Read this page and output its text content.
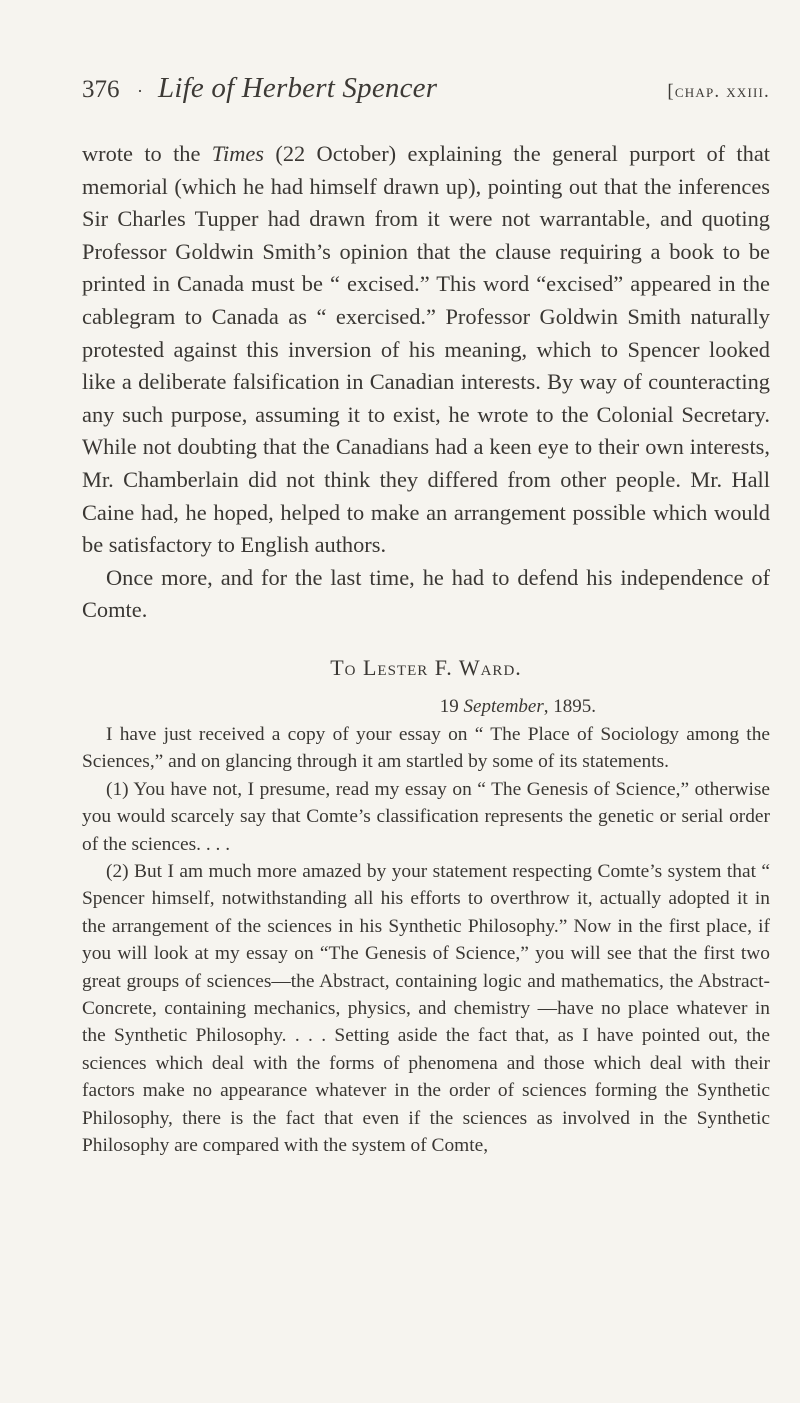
376 · Life of Herbert Spencer	[chap. xxiii.

wrote to the Times (22 October) explaining the general purport of that memorial (which he had himself drawn up), pointing out that the inferences Sir Charles Tupper had drawn from it were not warrantable, and quoting Professor Goldwin Smith’s opinion that the clause requiring a book to be printed in Canada must be “ excised.” This word “excised” appeared in the cablegram to Canada as “ exercised.” Professor Goldwin Smith naturally protested against this inversion of his meaning, which to Spencer looked like a deliberate falsification in Canadian interests. By way of counteracting any such purpose, assuming it to exist, he wrote to the Colonial Secretary. While not doubting that the Canadians had a keen eye to their own interests, Mr. Chamberlain did not think they differed from other people. Mr. Hall Caine had, he hoped, helped to make an arrangement possible which would be satisfactory to English authors.

Once more, and for the last time, he had to defend his independence of Comte.

To Lester F. Ward.
19 September, 1895.

I have just received a copy of your essay on “ The Place of Sociology among the Sciences,” and on glancing through it am startled by some of its statements.

(1) You have not, I presume, read my essay on “ The Genesis of Science,” otherwise you would scarcely say that Comte’s classification represents the genetic or serial order of the sciences. . . .

(2) But I am much more amazed by your statement respecting Comte’s system that “ Spencer himself, notwithstanding all his efforts to overthrow it, actually adopted it in the arrangement of the sciences in his Synthetic Philosophy.” Now in the first place, if you will look at my essay on “The Genesis of Science,” you will see that the first two great groups of sciences—the Abstract, containing logic and mathematics, the Abstract-Concrete, containing mechanics, physics, and chemistry —have no place whatever in the Synthetic Philosophy. . . . Setting aside the fact that, as I have pointed out, the sciences which deal with the forms of phenomena and those which deal with their factors make no appearance whatever in the order of sciences forming the Synthetic Philosophy, there is the fact that even if the sciences as involved in the Synthetic Philosophy are compared with the system of Comte,
